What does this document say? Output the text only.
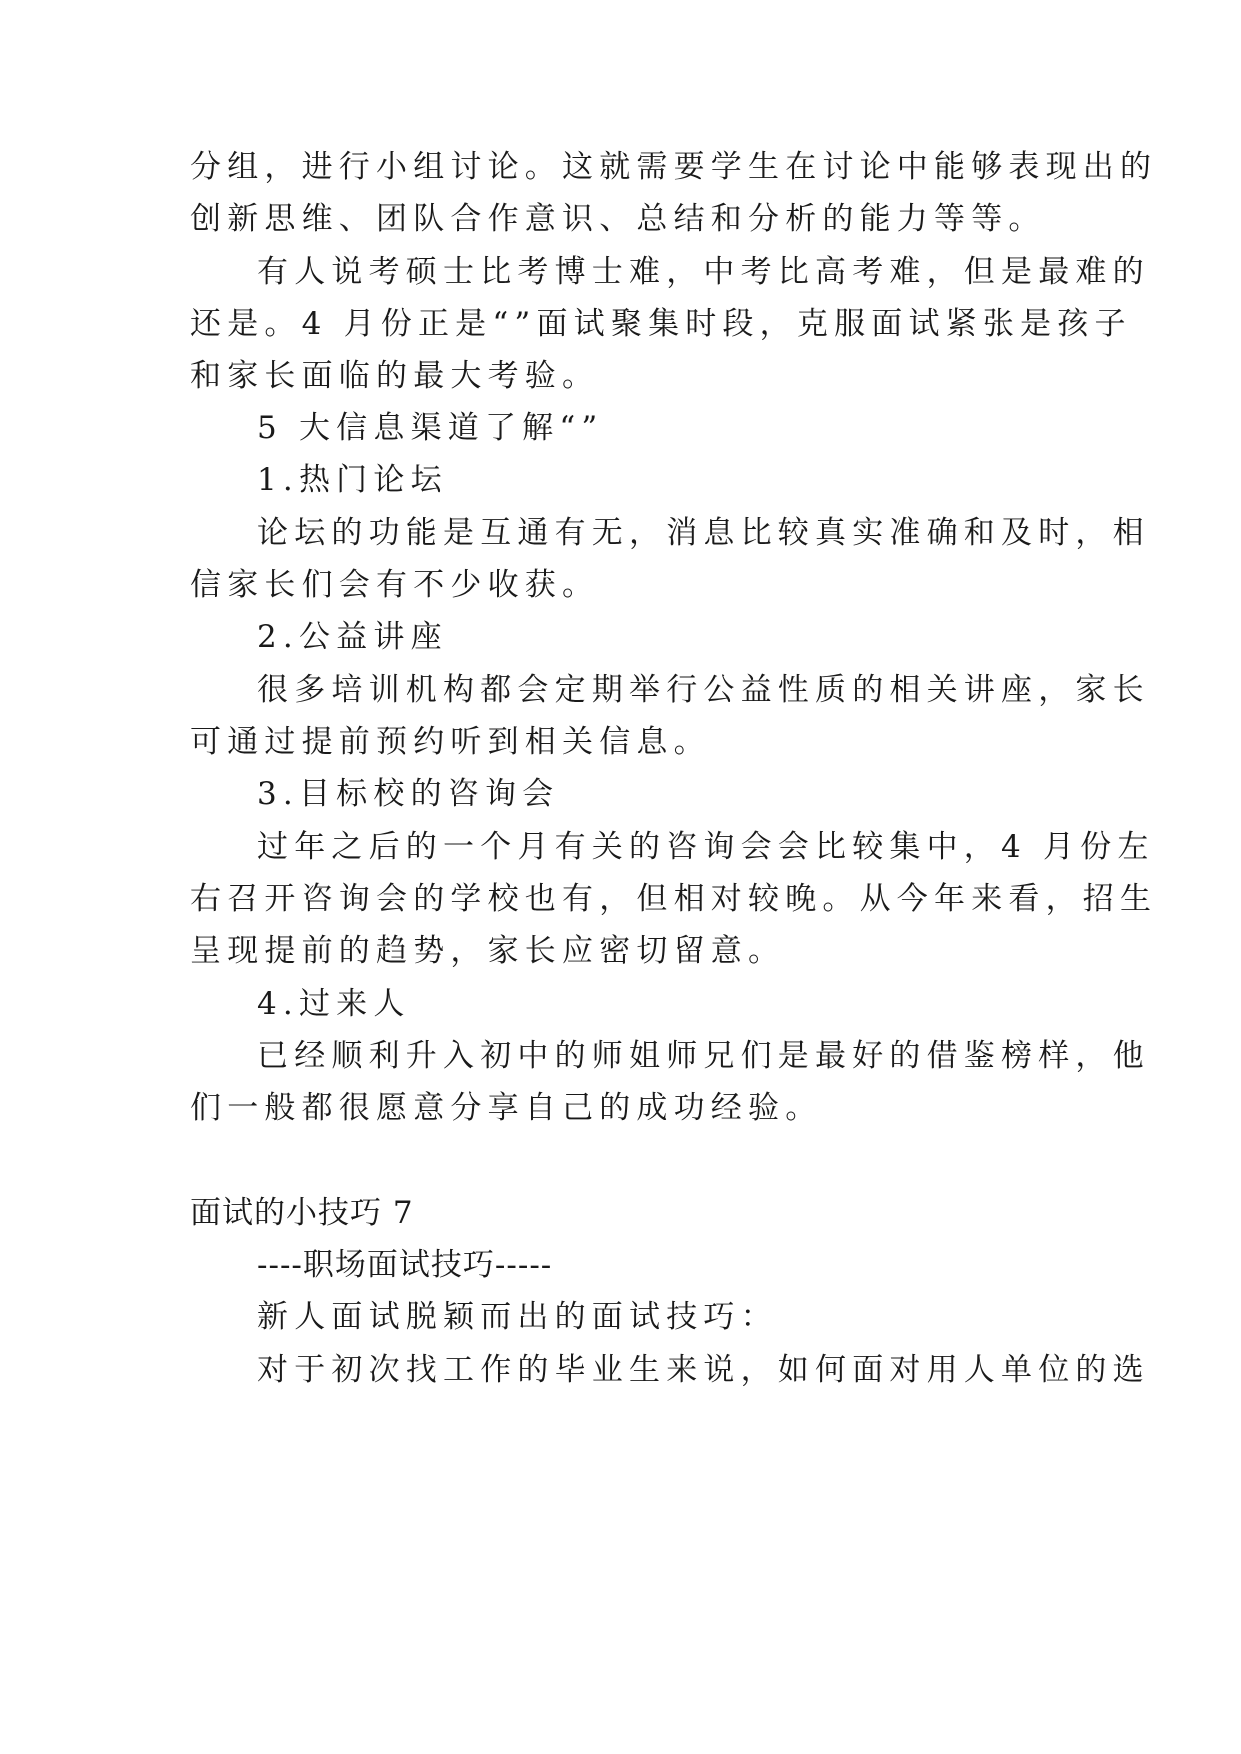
分组，进行小组讨论。这就需要学生在讨论中能够表现出的
创新思维、团队合作意识、总结和分析的能力等等。
有人说考硕士比考博士难，中考比高考难，但是最难的
还是。4 月份正是“”面试聚集时段，克服面试紧张是孩子
和家长面临的最大考验。
5 大信息渠道了解“”
1.热门论坛
论坛的功能是互通有无，消息比较真实准确和及时，相
信家长们会有不少收获。
2.公益讲座
很多培训机构都会定期举行公益性质的相关讲座，家长
可通过提前预约听到相关信息。
3.目标校的咨询会
过年之后的一个月有关的咨询会会比较集中，4 月份左
右召开咨询会的学校也有，但相对较晚。从今年来看，招生
呈现提前的趋势，家长应密切留意。
4.过来人
已经顺利升入初中的师姐师兄们是最好的借鉴榜样，他
们一般都很愿意分享自己的成功经验。
面试的小技巧 7
----职场面试技巧-----
新人面试脱颖而出的面试技巧：
对于初次找工作的毕业生来说，如何面对用人单位的选
